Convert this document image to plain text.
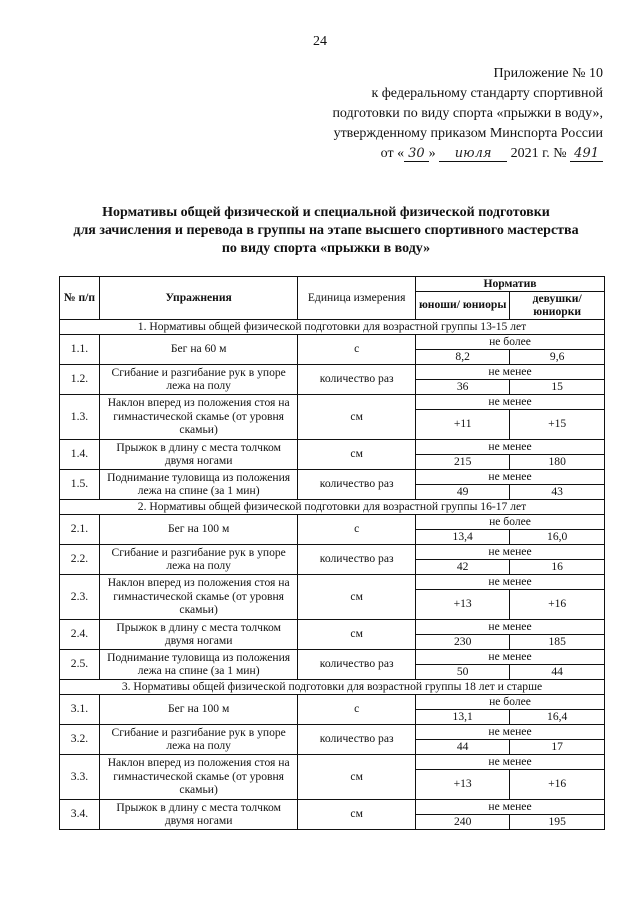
24
Приложение № 10
к федеральному стандарту спортивной
подготовки по виду спорта «прыжки в воду»,
утвержденному приказом Минспорта России
от « 30 » июля 2021 г. № 491
Нормативы общей физической и специальной физической подготовки
для зачисления и перевода в группы на этапе высшего спортивного мастерства
по виду спорта «прыжки в воду»
№ п/п	Упражнения	Единица измерения	Норматив	
			юноши/ юниоры	девушки/ юниорки
1. Нормативы общей физической подготовки для возрастной группы 13-15 лет				
1.1.	Бег на 60 м	с	не более	
			8,2	9,6
1.2.	Сгибание и разгибание рук в упоре лежа на полу	количество раз	не менее	
			36	15
1.3.	Наклон вперед из положения стоя на гимнастической скамье (от уровня скамьи)	см	не менее	
			+11	+15
1.4.	Прыжок в длину с места толчком двумя ногами	см	не менее	
			215	180
1.5.	Поднимание туловища из положения лежа на спине (за 1 мин)	количество раз	не менее	
			49	43
2. Нормативы общей физической подготовки для возрастной группы 16-17 лет				
2.1.	Бег на 100 м	с	не более	
			13,4	16,0
2.2.	Сгибание и разгибание рук в упоре лежа на полу	количество раз	не менее	
			42	16
2.3.	Наклон вперед из положения стоя на гимнастической скамье (от уровня скамьи)	см	не менее	
			+13	+16
2.4.	Прыжок в длину с места толчком двумя ногами	см	не менее	
			230	185
2.5.	Поднимание туловища из положения лежа на спине (за 1 мин)	количество раз	не менее	
			50	44
3. Нормативы общей физической подготовки для возрастной группы 18 лет и старше				
3.1.	Бег на 100 м	с	не более	
			13,1	16,4
3.2.	Сгибание и разгибание рук в упоре лежа на полу	количество раз	не менее	
			44	17
3.3.	Наклон вперед из положения стоя на гимнастической скамье (от уровня скамьи)	см	не менее	
			+13	+16
3.4.	Прыжок в длину с места толчком двумя ногами	см	не менее	
			240	195
